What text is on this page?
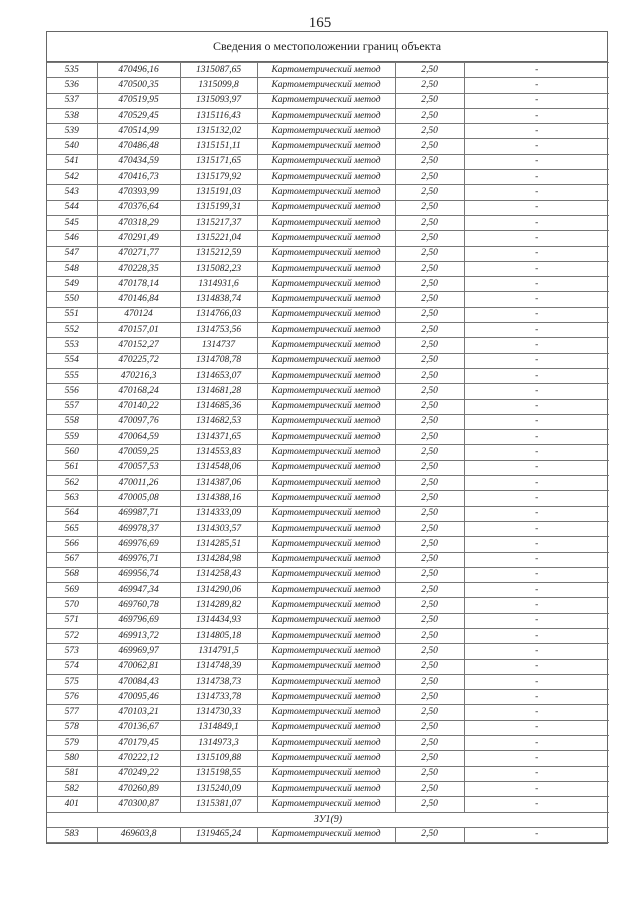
165
Сведения о местоположении границ объекта
535	470496,16	1315087,65	Картометрический метод	2,50	-
536	470500,35	1315099,8	Картометрический метод	2,50	-
537	470519,95	1315093,97	Картометрический метод	2,50	-
538	470529,45	1315116,43	Картометрический метод	2,50	-
539	470514,99	1315132,02	Картометрический метод	2,50	-
540	470486,48	1315151,11	Картометрический метод	2,50	-
541	470434,59	1315171,65	Картометрический метод	2,50	-
542	470416,73	1315179,92	Картометрический метод	2,50	-
543	470393,99	1315191,03	Картометрический метод	2,50	-
544	470376,64	1315199,31	Картометрический метод	2,50	-
545	470318,29	1315217,37	Картометрический метод	2,50	-
546	470291,49	1315221,04	Картометрический метод	2,50	-
547	470271,77	1315212,59	Картометрический метод	2,50	-
548	470228,35	1315082,23	Картометрический метод	2,50	-
549	470178,14	1314931,6	Картометрический метод	2,50	-
550	470146,84	1314838,74	Картометрический метод	2,50	-
551	470124	1314766,03	Картометрический метод	2,50	-
552	470157,01	1314753,56	Картометрический метод	2,50	-
553	470152,27	1314737	Картометрический метод	2,50	-
554	470225,72	1314708,78	Картометрический метод	2,50	-
555	470216,3	1314653,07	Картометрический метод	2,50	-
556	470168,24	1314681,28	Картометрический метод	2,50	-
557	470140,22	1314685,36	Картометрический метод	2,50	-
558	470097,76	1314682,53	Картометрический метод	2,50	-
559	470064,59	1314371,65	Картометрический метод	2,50	-
560	470059,25	1314553,83	Картометрический метод	2,50	-
561	470057,53	1314548,06	Картометрический метод	2,50	-
562	470011,26	1314387,06	Картометрический метод	2,50	-
563	470005,08	1314388,16	Картометрический метод	2,50	-
564	469987,71	1314333,09	Картометрический метод	2,50	-
565	469978,37	1314303,57	Картометрический метод	2,50	-
566	469976,69	1314285,51	Картометрический метод	2,50	-
567	469976,71	1314284,98	Картометрический метод	2,50	-
568	469956,74	1314258,43	Картометрический метод	2,50	-
569	469947,34	1314290,06	Картометрический метод	2,50	-
570	469760,78	1314289,82	Картометрический метод	2,50	-
571	469796,69	1314434,93	Картометрический метод	2,50	-
572	469913,72	1314805,18	Картометрический метод	2,50	-
573	469969,97	1314791,5	Картометрический метод	2,50	-
574	470062,81	1314748,39	Картометрический метод	2,50	-
575	470084,43	1314738,73	Картометрический метод	2,50	-
576	470095,46	1314733,78	Картометрический метод	2,50	-
577	470103,21	1314730,33	Картометрический метод	2,50	-
578	470136,67	1314849,1	Картометрический метод	2,50	-
579	470179,45	1314973,3	Картометрический метод	2,50	-
580	470222,12	1315109,88	Картометрический метод	2,50	-
581	470249,22	1315198,55	Картометрический метод	2,50	-
582	470260,89	1315240,09	Картометрический метод	2,50	-
401	470300,87	1315381,07	Картометрический метод	2,50	-
ЗУ1(9)					
583	469603,8	1319465,24	Картометрический метод	2,50	-
